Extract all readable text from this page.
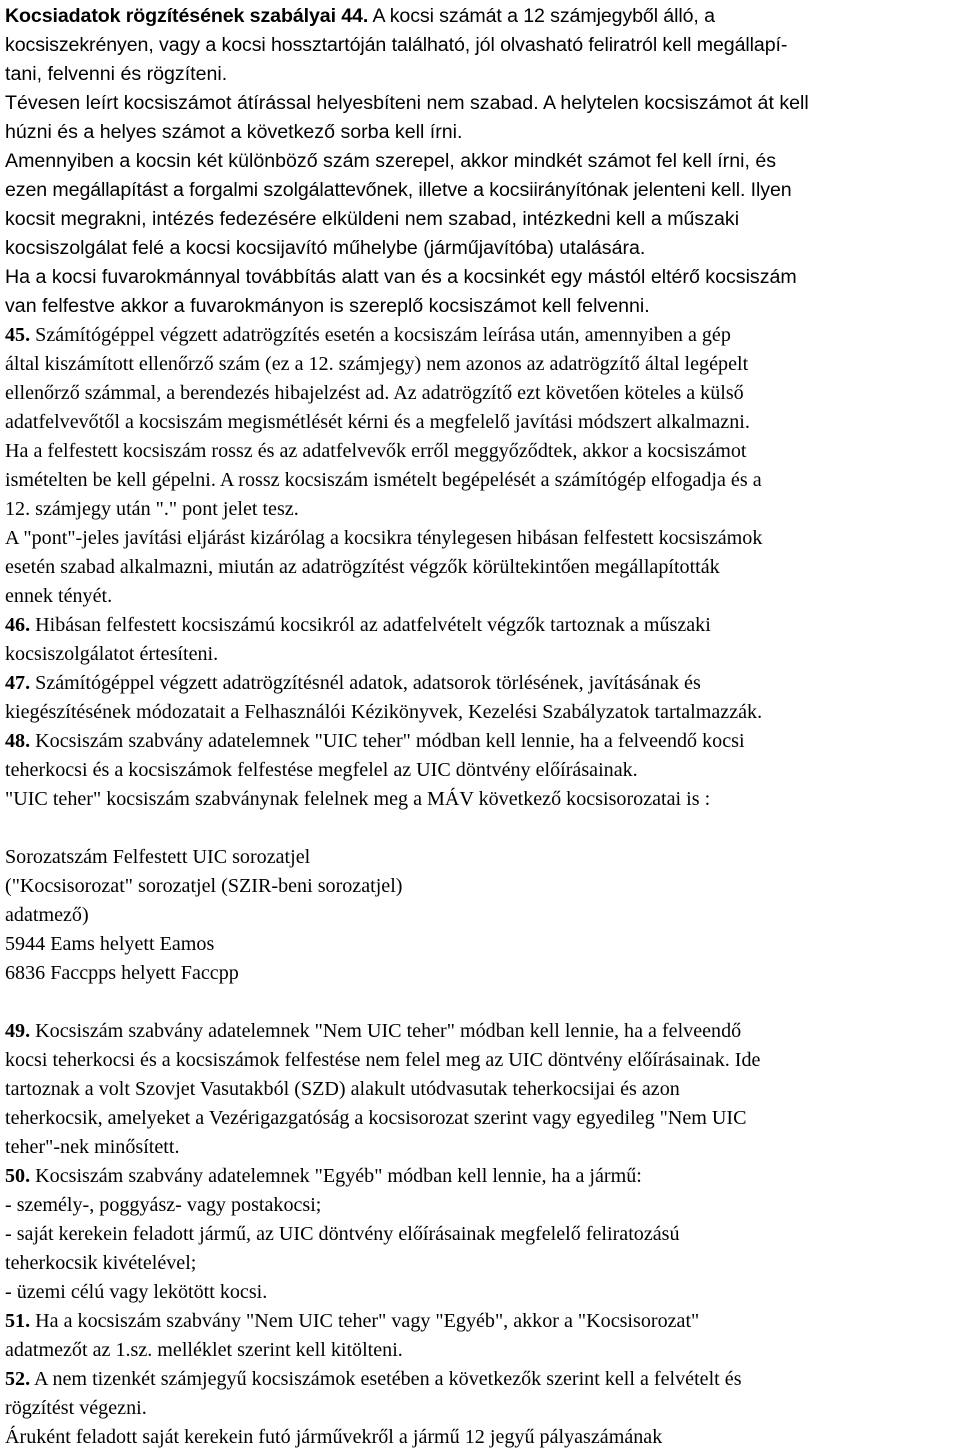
Kocsiadatok rögzítésének szabályai 44. A kocsi számát a 12 számjegyből álló, a
kocsiszekrényen, vagy a kocsi hossztartóján található, jól olvasható feliratról kell megállapí-
tani, felvenni és rögzíteni.
Tévesen leírt kocsiszámot átírással helyesbíteni nem szabad. A helytelen kocsiszámot át kell
húzni és a helyes számot a következő sorba kell írni.
Amennyiben a kocsin két különböző szám szerepel, akkor mindkét számot fel kell írni, és
ezen megállapítást a forgalmi szolgálattevőnek, illetve a kocsiirányítónak jelenteni kell. Ilyen
kocsit megrakni, intézés fedezésére elküldeni nem szabad, intézkedni kell a műszaki
kocsiszolgálat felé a kocsi kocsijavító műhelybe (járműjavítóba) utalására.
Ha a kocsi fuvarokmánnyal továbbítás alatt van és a kocsinkét egy mástól eltérő kocsiszám
van felfestve akkor a fuvarokmányon is szereplő kocsiszámot kell felvenni.
45. Számítógéppel végzett adatrögzítés esetén a kocsiszám leírása után, amennyiben a gép
által kiszámított ellenőrző szám (ez a 12. számjegy) nem azonos az adatrögzítő által legépelt
ellenőrző számmal, a berendezés hibajelzést ad. Az adatrögzítő ezt követően köteles a külső
adatfelvevőtől a kocsiszám megismétlését kérni és a megfelelő javítási módszert alkalmazni.
Ha a felfestett kocsiszám rossz és az adatfelvevők erről meggyőződtek, akkor a kocsiszámot
ismételten be kell gépelni. A rossz kocsiszám ismételt begépelését a számítógép elfogadja és a
12. számjegy után "." pont jelet tesz.
A "pont"-jeles javítási eljárást kizárólag a kocsikra ténylegesen hibásan felfestett kocsiszámok
esetén szabad alkalmazni, miután az adatrögzítést végzők körültekintően megállapították
ennek tényét.
46. Hibásan felfestett kocsiszámú kocsikról az adatfelvételt végzők tartoznak a műszaki
kocsiszolgálatot értesíteni.
47. Számítógéppel végzett adatrögzítésnél adatok, adatsorok törlésének, javításának és
kiegészítésének módozatait a Felhasználói Kézikönyvek, Kezelési Szabályzatok tartalmazzák.
48. Kocsiszám szabvány adatelemnek "UIC teher" módban kell lennie, ha a felveendő kocsi
teherkocsi és a kocsiszámok felfestése megfelel az UIC döntvény előírásainak.
"UIC teher" kocsiszám szabványnak felelnek meg a MÁV következő kocsisorozatai is :
Sorozatszám Felfestett UIC sorozatjel
("Kocsisorozat" sorozatjel (SZIR-beni sorozatjel)
adatmező)
5944 Eams helyett Eamos
6836 Faccpps helyett Faccpp
49. Kocsiszám szabvány adatelemnek "Nem UIC teher" módban kell lennie, ha a felveendő
kocsi teherkocsi és a kocsiszámok felfestése nem felel meg az UIC döntvény előírásainak. Ide
tartoznak a volt Szovjet Vasutakból (SZD) alakult utódvasutak teherkocsijai és azon
teherkocsik, amelyeket a Vezérigazgatóság a kocsisorozat szerint vagy egyedileg "Nem UIC
teher"-nek minősített.
50. Kocsiszám szabvány adatelemnek "Egyéb" módban kell lennie, ha a jármű:
- személy-, poggyász- vagy postakocsi;
- saját kerekein feladott jármű, az UIC döntvény előírásainak megfelelő feliratozású
teherkocsik kivételével;
- üzemi célú vagy lekötött kocsi.
51. Ha a kocsiszám szabvány "Nem UIC teher" vagy "Egyéb", akkor a "Kocsisorozat"
adatmezőt az 1.sz. melléklet szerint kell kitölteni.
52. A nem tizenkét számjegyű kocsiszámok esetében a következők szerint kell a felvételt és
rögzítést végezni.
Áruként feladott saját kerekein futó járművekről a jármű 12 jegyű pályaszámának
